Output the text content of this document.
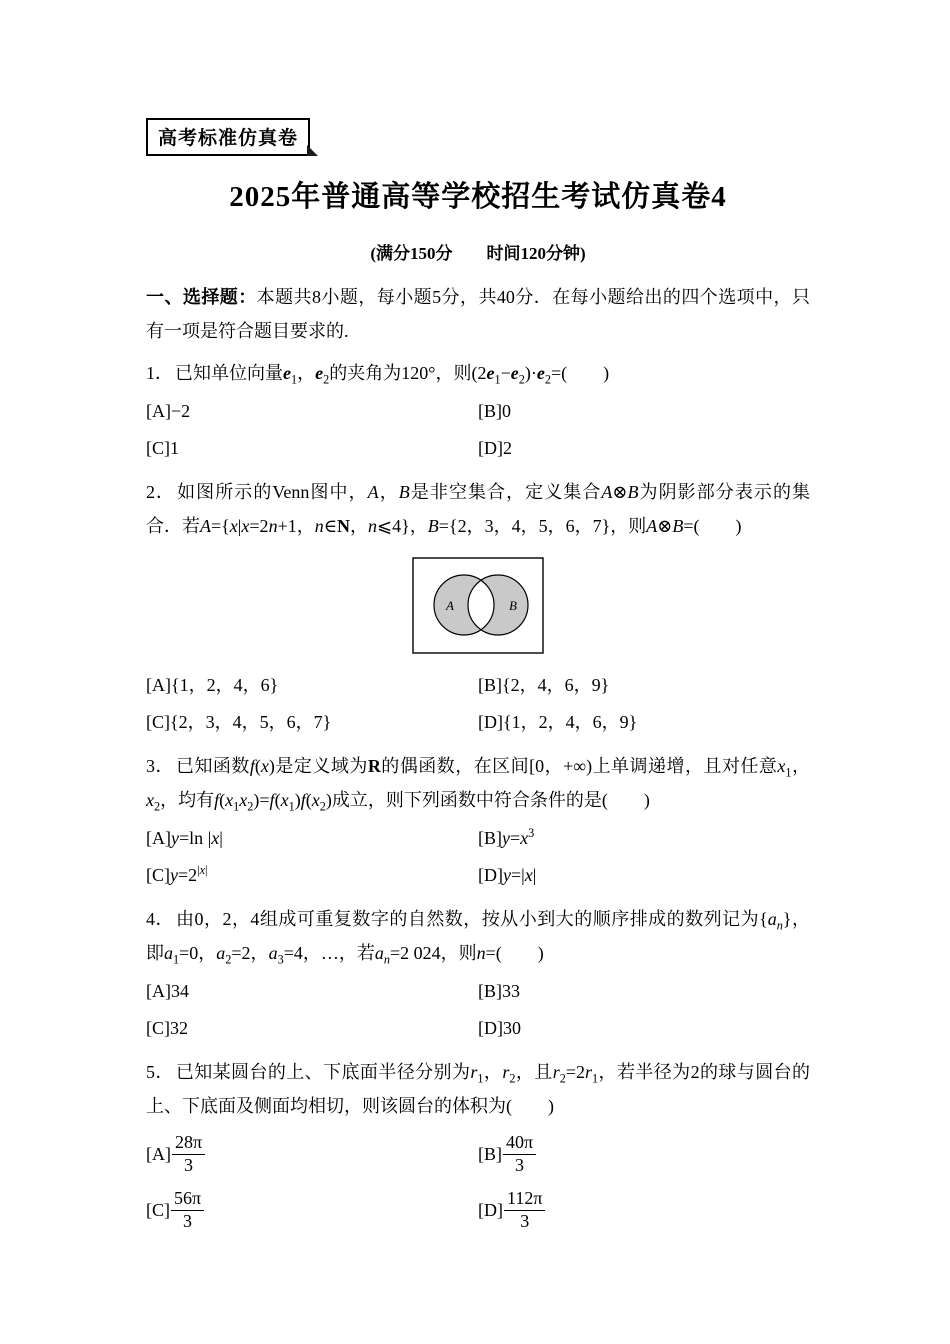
高考标准仿真卷
2025年普通高等学校招生考试仿真卷4

(满分150分　　时间120分钟)

一、选择题：本题共8小题，每小题5分，共40分．在每小题给出的四个选项中，只有一项是符合题目要求的.

1． 已知单位向量$e_1$，$e_2$的夹角为120°，则$(2e_1-e_2)\cdot e_2=$(　　)

[A]−2	[B]0
[C]1	[D]2

2． 如图所示的Venn图中，A，B是非空集合，定义集合A⊗B为阴影部分表示的集合．若A={x|x=2n+1，n∈N，n⩽4}，B={2，3，4，5，6，7}，则A⊗B=(　　)

A	B
[A]{1，2，4，6}	[B]{2，4，6，9}
[C]{2，3，4，5，6，7}	[D]{1，2，4，6，9}

3． 已知函数f(x)是定义域为R的偶函数，在区间[0，+∞)上单调递增，且对任意$x_1$，$x_2$，均有$f(x_1x_2)=f(x_1)f(x_2)$成立，则下列函数中符合条件的是(　　)

[A]y=ln |x|	$[B]y=x^3$
$[C]y=2^{|x|}$	[D]y=|x|

4． 由0，2，4组成可重复数字的自然数，按从小到大的顺序排成的数列记为$\{a_n\}$，即$a_1=0$，$a_2=2$，$a_3=4$，…，若$a_n=2$ 024，则n=(　　)

[A]34	[B]33
[C]32	[D]30

5． 已知某圆台的上、下底面半径分别为$r_1$，$r_2$，且$r_2=2r_1$，若半径为2的球与圆台的上、下底面及侧面均相切，则该圆台的体积为(　　)

$[A] \frac{28\pi}{3}$	$[B] \frac{40\pi}{3}$
$[C] \frac{56\pi}{3}$	$[D] \frac{112\pi}{3}$
